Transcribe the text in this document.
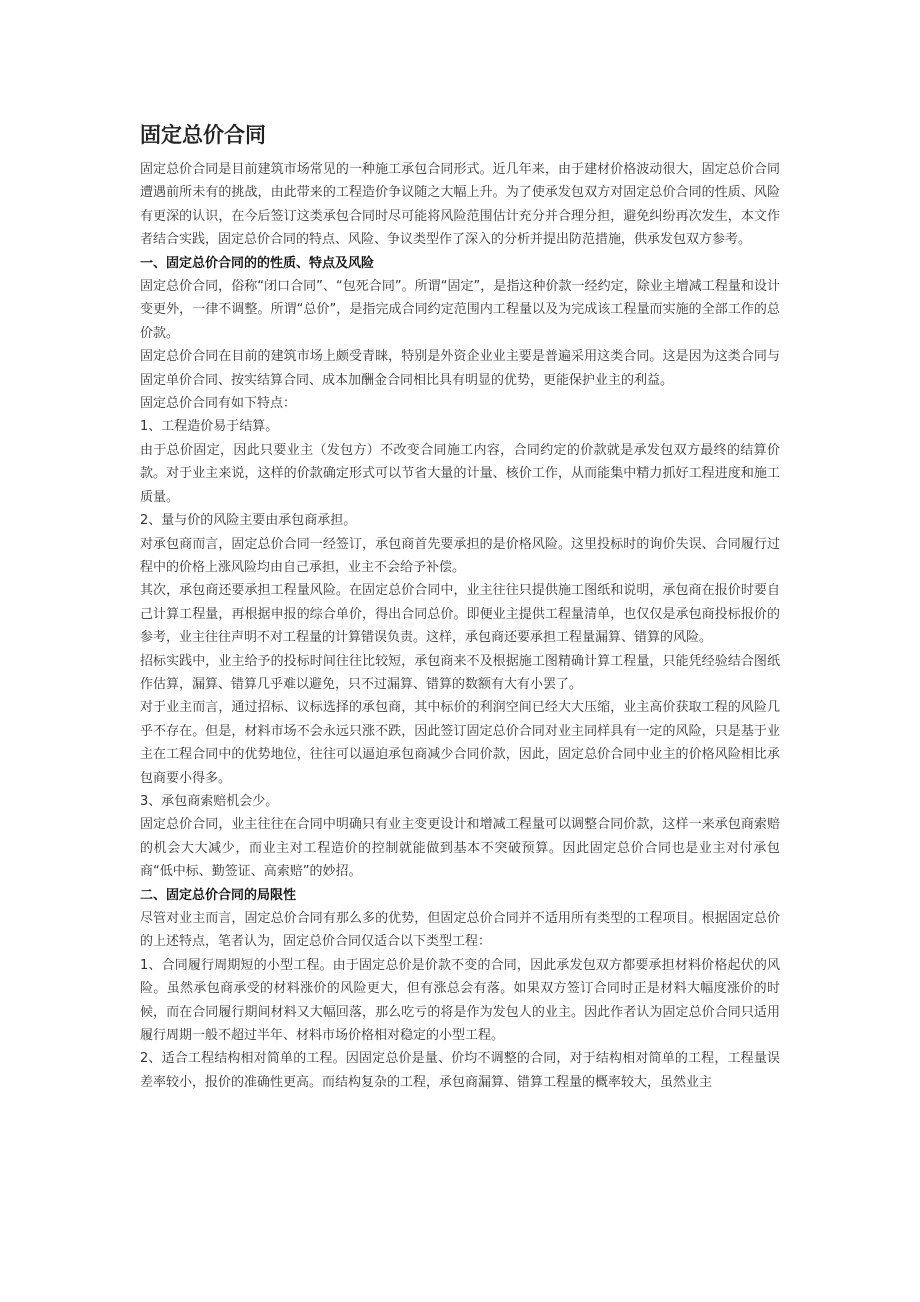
固定总价合同

固定总价合同是目前建筑市场常见的一种施工承包合同形式。近几年来，由于建材价格波动很大，固定总价合同遭遇前所未有的挑战，由此带来的工程造价争议随之大幅上升。为了使承发包双方对固定总价合同的性质、风险有更深的认识，在今后签订这类承包合同时尽可能将风险范围估计充分并合理分担，避免纠纷再次发生，本文作者结合实践，固定总价合同的特点、风险、争议类型作了深入的分析并提出防范措施，供承发包双方参考。

一、固定总价合同的的性质、特点及风险

固定总价合同，俗称“闭口合同”、“包死合同”。所谓“固定”，是指这种价款一经约定，除业主增减工程量和设计变更外，一律不调整。所谓“总价”，是指完成合同约定范围内工程量以及为完成该工程量而实施的全部工作的总价款。

固定总价合同在目前的建筑市场上颇受青睐，特别是外资企业业主要是普遍采用这类合同。这是因为这类合同与固定单价合同、按实结算合同、成本加酬金合同相比具有明显的优势，更能保护业主的利益。

固定总价合同有如下特点：

1、工程造价易于结算。

由于总价固定，因此只要业主（发包方）不改变合同施工内容，合同约定的价款就是承发包双方最终的结算价款。对于业主来说，这样的价款确定形式可以节省大量的计量、核价工作，从而能集中精力抓好工程进度和施工质量。

2、量与价的风险主要由承包商承担。

对承包商而言，固定总价合同一经签订，承包商首先要承担的是价格风险。这里投标时的询价失误、合同履行过程中的价格上涨风险均由自己承担，业主不会给予补偿。

其次，承包商还要承担工程量风险。在固定总价合同中，业主往往只提供施工图纸和说明，承包商在报价时要自己计算工程量，再根据申报的综合单价，得出合同总价。即便业主提供工程量清单，也仅仅是承包商投标报价的参考，业主往往声明不对工程量的计算错误负责。这样，承包商还要承担工程量漏算、错算的风险。

招标实践中，业主给予的投标时间往往比较短，承包商来不及根据施工图精确计算工程量，只能凭经验结合图纸作估算，漏算、错算几乎难以避免，只不过漏算、错算的数额有大有小罢了。

对于业主而言，通过招标、议标选择的承包商，其中标价的利润空间已经大大压缩，业主高价获取工程的风险几乎不存在。但是，材料市场不会永远只涨不跌，因此签订固定总价合同对业主同样具有一定的风险，只是基于业主在工程合同中的优势地位，往往可以逼迫承包商减少合同价款，因此，固定总价合同中业主的价格风险相比承包商要小得多。

3、承包商索赔机会少。

固定总价合同，业主往往在合同中明确只有业主变更设计和增减工程量可以调整合同价款，这样一来承包商索赔的机会大大减少，而业主对工程造价的控制就能做到基本不突破预算。因此固定总价合同也是业主对付承包商“低中标、勤签证、高索赔”的妙招。

二、固定总价合同的局限性

尽管对业主而言，固定总价合同有那么多的优势，但固定总价合同并不适用所有类型的工程项目。根据固定总价的上述特点，笔者认为，固定总价合同仅适合以下类型工程：

1、合同履行周期短的小型工程。由于固定总价是价款不变的合同，因此承发包双方都要承担材料价格起伏的风险。虽然承包商承受的材料涨价的风险更大，但有涨总会有落。如果双方签订合同时正是材料大幅度涨价的时候，而在合同履行期间材料又大幅回落，那么吃亏的将是作为发包人的业主。因此作者认为固定总价合同只适用履行周期一般不超过半年、材料市场价格相对稳定的小型工程。

2、适合工程结构相对简单的工程。因固定总价是量、价均不调整的合同，对于结构相对简单的工程，工程量误差率较小，报价的准确性更高。而结构复杂的工程，承包商漏算、错算工程量的概率较大，虽然业主
